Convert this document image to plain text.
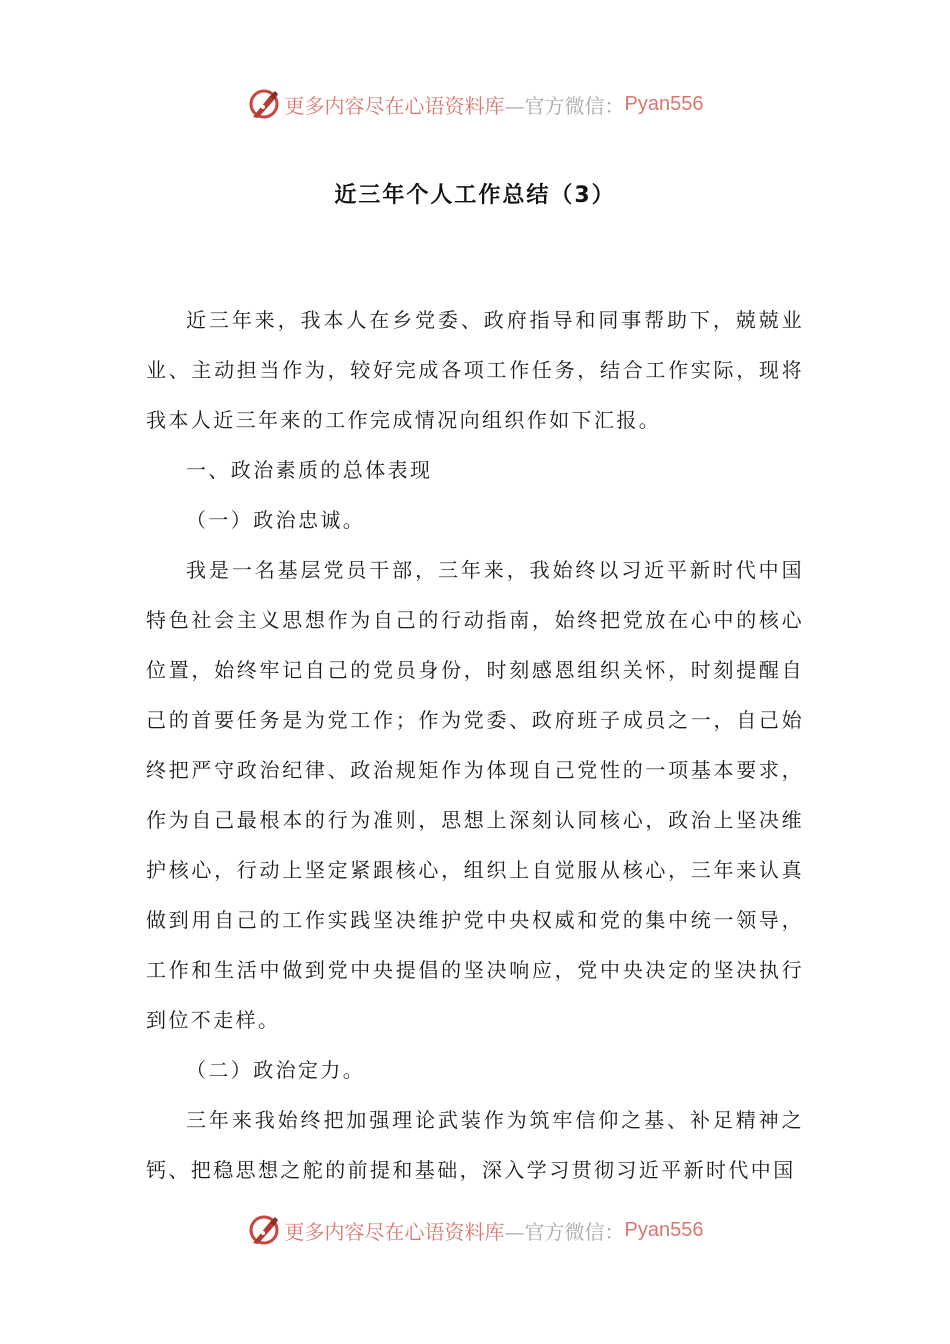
更多内容尽在心语资料库 —官方微信： Pyan556
近三年个人工作总结（3）

近三年来，我本人在乡党委、政府指导和同事帮助下，兢兢业业、主动担当作为，较好完成各项工作任务，结合工作实际，现将我本人近三年来的工作完成情况向组织作如下汇报。

一、政治素质的总体表现

（一）政治忠诚。

我是一名基层党员干部，三年来，我始终以习近平新时代中国特色社会主义思想作为自己的行动指南，始终把党放在心中的核心位置，始终牢记自己的党员身份，时刻感恩组织关怀，时刻提醒自己的首要任务是为党工作；作为党委、政府班子成员之一，自己始终把严守政治纪律、政治规矩作为体现自己党性的一项基本要求，作为自己最根本的行为准则，思想上深刻认同核心，政治上坚决维护核心，行动上坚定紧跟核心，组织上自觉服从核心，三年来认真做到用自己的工作实践坚决维护党中央权威和党的集中统一领导，工作和生活中做到党中央提倡的坚决响应，党中央决定的坚决执行到位不走样。

（二）政治定力。

三年来我始终把加强理论武装作为筑牢信仰之基、补足精神之钙、把稳思想之舵的前提和基础，深入学习贯彻习近平新时代中国

更多内容尽在心语资料库 —官方微信： Pyan556
